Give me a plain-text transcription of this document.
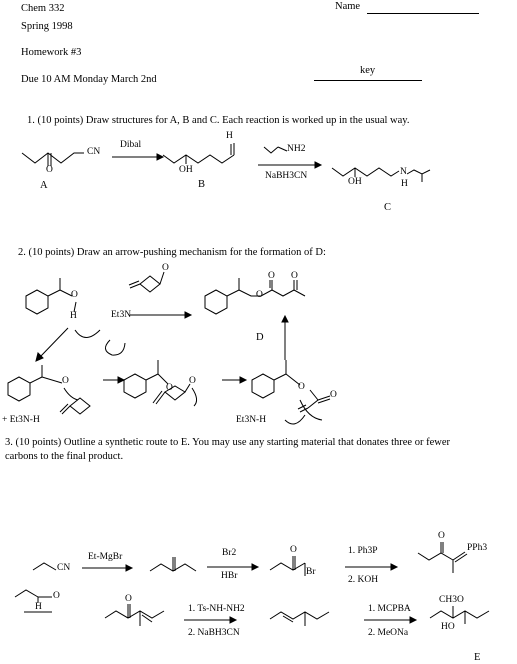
Chem 332
Spring 1998
Homework #3
Due 10 AM Monday March 2nd
Name
key
1. (10 points) Draw structures for A, B and C. Each reaction is worked up in the usual way.
CN
O
A
Dibal
H
OH
B
NH2
NaBH3CN
OH
N
H
C
2. (10 points) Draw an arrow-pushing mechanism for the formation of D:
O
H
O
Et3N
O
O O
D
O
+ Et3N-H
O
O
O
O
Et3N-H
3. (10 points) Outline a synthetic route to E. You may use any starting material that donates three or fewer
carbons to the final product.
CN
Et-MgBr	Br2
HBr
O
Br
1. Ph3P
2. KOH
O
PPh3
O
H
O
1. Ts-NH-NH2
2. NaBH3CN
1. MCPBA
2. MeONa
CH3O
HO
E
